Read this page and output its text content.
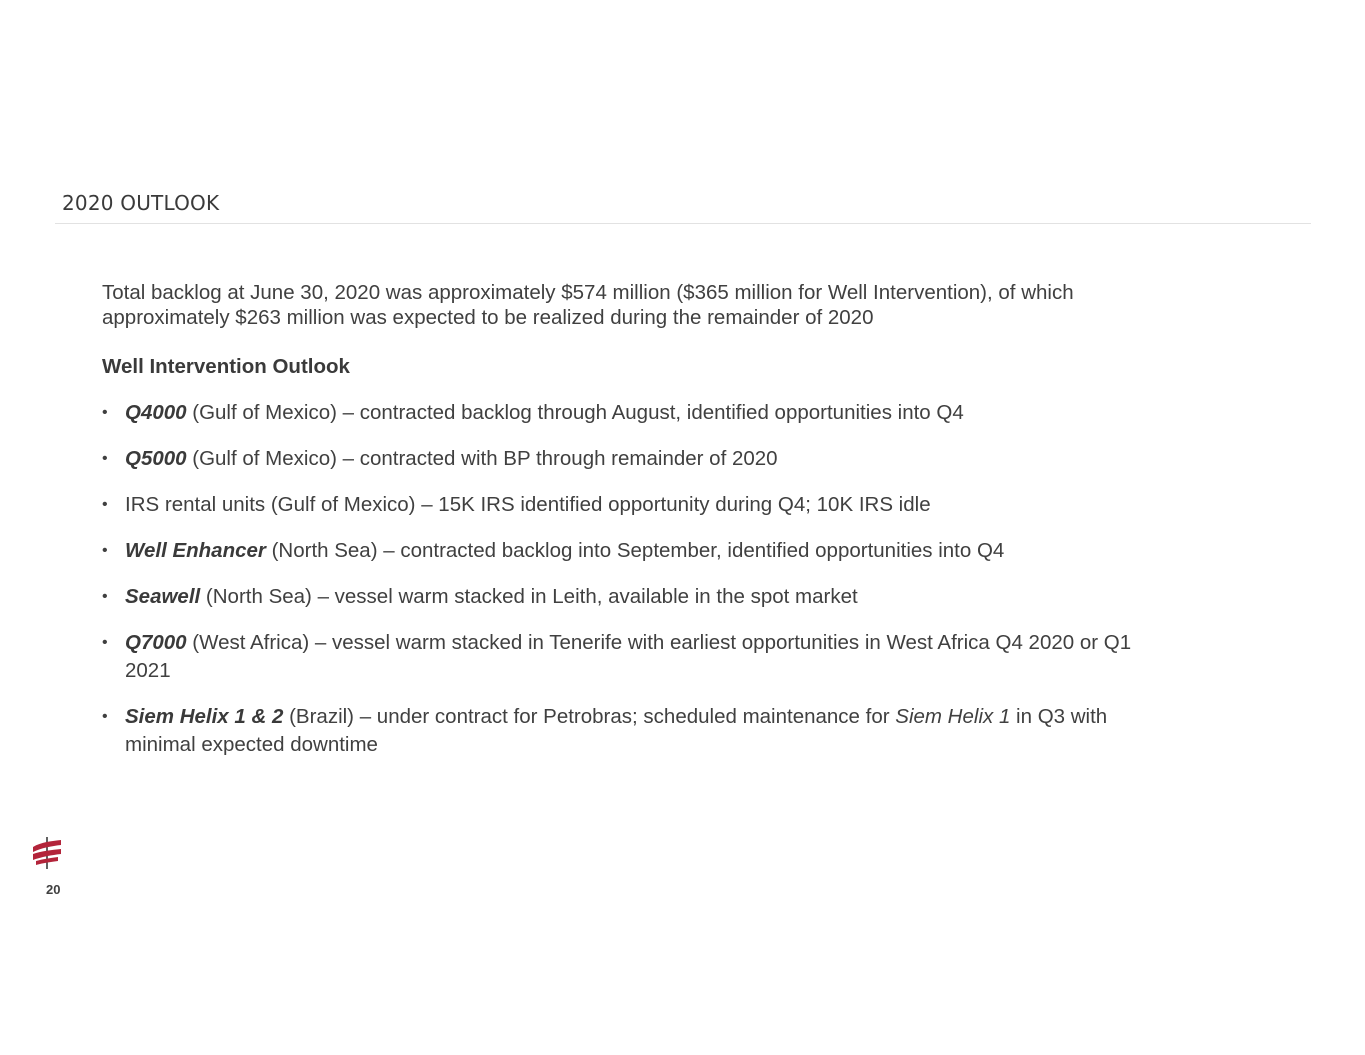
2020 OUTLOOK

Total backlog at June 30, 2020 was approximately $574 million ($365 million for Well Intervention), of which approximately $263 million was expected to be realized during the remainder of 2020

Well Intervention Outlook

• Q4000 (Gulf of Mexico) – contracted backlog through August, identified opportunities into Q4
• Q5000 (Gulf of Mexico) – contracted with BP through remainder of 2020
• IRS rental units (Gulf of Mexico) – 15K IRS identified opportunity during Q4; 10K IRS idle
• Well Enhancer (North Sea) – contracted backlog into September, identified opportunities into Q4
• Seawell (North Sea) – vessel warm stacked in Leith, available in the spot market
• Q7000 (West Africa) – vessel warm stacked in Tenerife with earliest opportunities in West Africa Q4 2020 or Q1 2021
• Siem Helix 1 & 2 (Brazil) – under contract for Petrobras; scheduled maintenance for Siem Helix 1 in Q3 with minimal expected downtime
20
